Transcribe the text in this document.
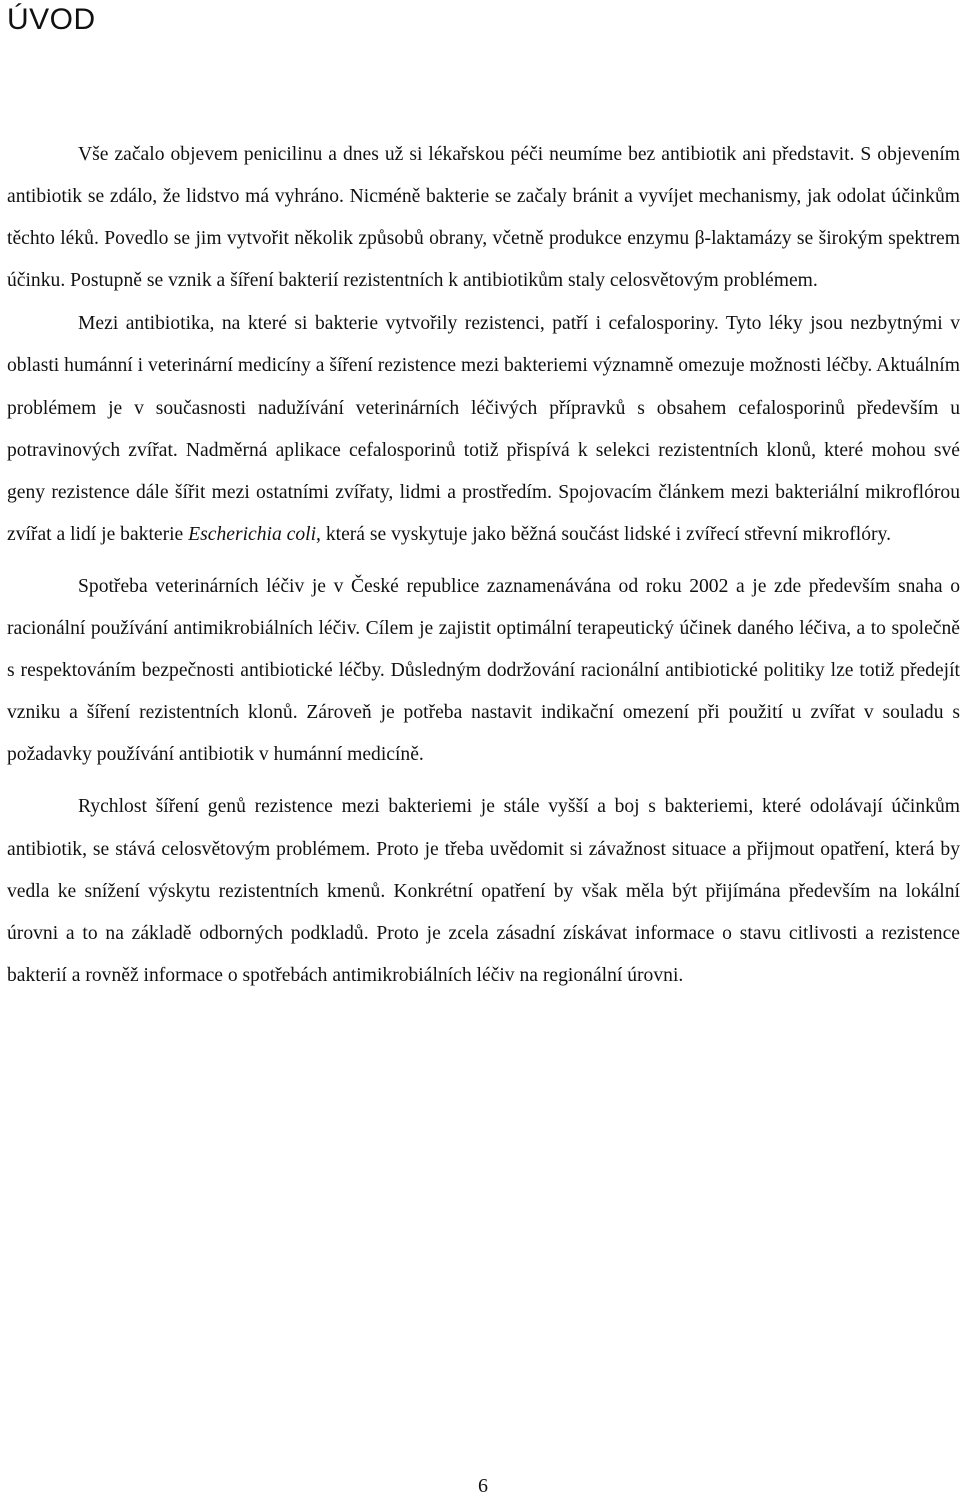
ÚVOD

Vše začalo objevem penicilinu a dnes už si lékařskou péči neumíme bez antibiotik ani představit. S objevením antibiotik se zdálo, že lidstvo má vyhráno. Nicméně bakterie se začaly bránit a vyvíjet mechanismy, jak odolat účinkům těchto léků. Povedlo se jim vytvořit několik způsobů obrany, včetně produkce enzymu β-laktamázy se širokým spektrem účinku. Postupně se vznik a šíření bakterií rezistentních k antibiotikům staly celosvětovým problémem.

Mezi antibiotika, na které si bakterie vytvořily rezistenci, patří i cefalosporiny. Tyto léky jsou nezbytnými v oblasti humánní i veterinární medicíny a šíření rezistence mezi bakteriemi významně omezuje možnosti léčby. Aktuálním problémem je v současnosti nadužívání veterinárních léčivých přípravků s obsahem cefalosporinů především u potravinových zvířat. Nadměrná aplikace cefalosporinů totiž přispívá k selekci rezistentních klonů, které mohou své geny rezistence dále šířit mezi ostatními zvířaty, lidmi a prostředím. Spojovacím článkem mezi bakteriální mikroflórou zvířat a lidí je bakterie Escherichia coli, která se vyskytuje jako běžná součást lidské i zvířecí střevní mikroflóry.

Spotřeba veterinárních léčiv je v České republice zaznamenávána od roku 2002 a je zde především snaha o racionální používání antimikrobiálních léčiv. Cílem je zajistit optimální terapeutický účinek daného léčiva, a to společně s respektováním bezpečnosti antibiotické léčby. Důsledným dodržování racionální antibiotické politiky lze totiž předejít vzniku a šíření rezistentních klonů. Zároveň je potřeba nastavit indikační omezení při použití u zvířat v souladu s požadavky používání antibiotik v humánní medicíně.

Rychlost šíření genů rezistence mezi bakteriemi je stále vyšší a boj s bakteriemi, které odolávají účinkům antibiotik, se stává celosvětovým problémem. Proto je třeba uvědomit si závažnost situace a přijmout opatření, která by vedla ke snížení výskytu rezistentních kmenů. Konkrétní opatření by však měla být přijímána především na lokální úrovni a to na základě odborných podkladů. Proto je zcela zásadní získávat informace o stavu citlivosti a rezistence bakterií a rovněž informace o spotřebách antimikrobiálních léčiv na regionální úrovni.

6
